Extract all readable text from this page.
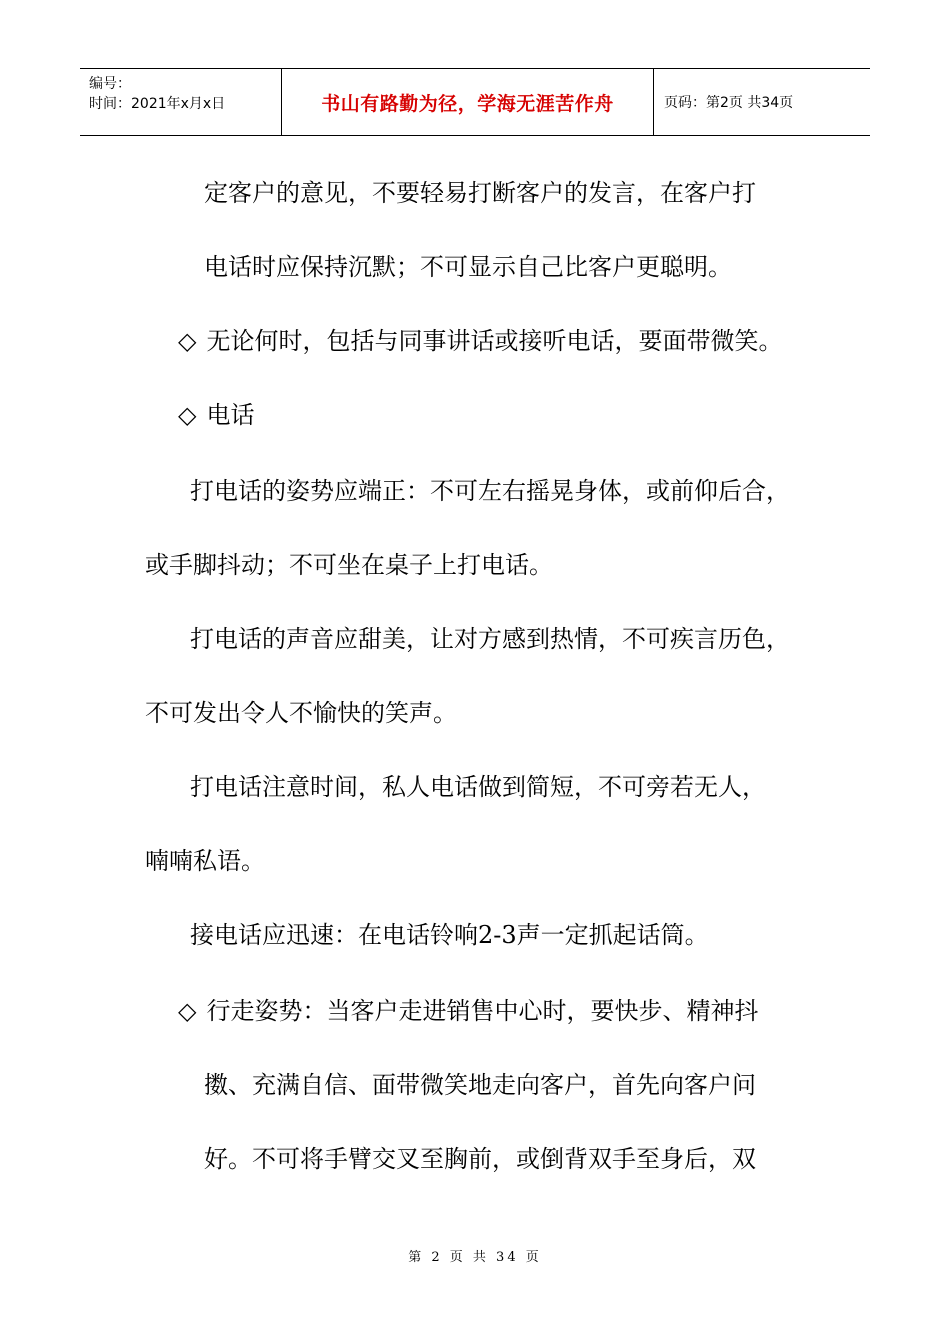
编号：
时间：2021年x月x日	书山有路勤为径，学海无涯苦作舟	页码：第2页 共34页
定客户的意见，不要轻易打断客户的发言，在客户打
电话时应保持沉默；不可显示自己比客户更聪明。
◇ 无论何时，包括与同事讲话或接听电话，要面带微笑。
◇ 电话
打电话的姿势应端正：不可左右摇晃身体，或前仰后合，
或手脚抖动；不可坐在桌子上打电话。
打电话的声音应甜美，让对方感到热情，不可疾言历色，
不可发出令人不愉快的笑声。
打电话注意时间，私人电话做到简短，不可旁若无人，
喃喃私语。
接电话应迅速：在电话铃响2-3声一定抓起话筒。
◇ 行走姿势：当客户走进销售中心时，要快步、精神抖
擞、充满自信、面带微笑地走向客户，首先向客户问
好。不可将手臂交叉至胸前，或倒背双手至身后，双
第 2 页 共 34 页
